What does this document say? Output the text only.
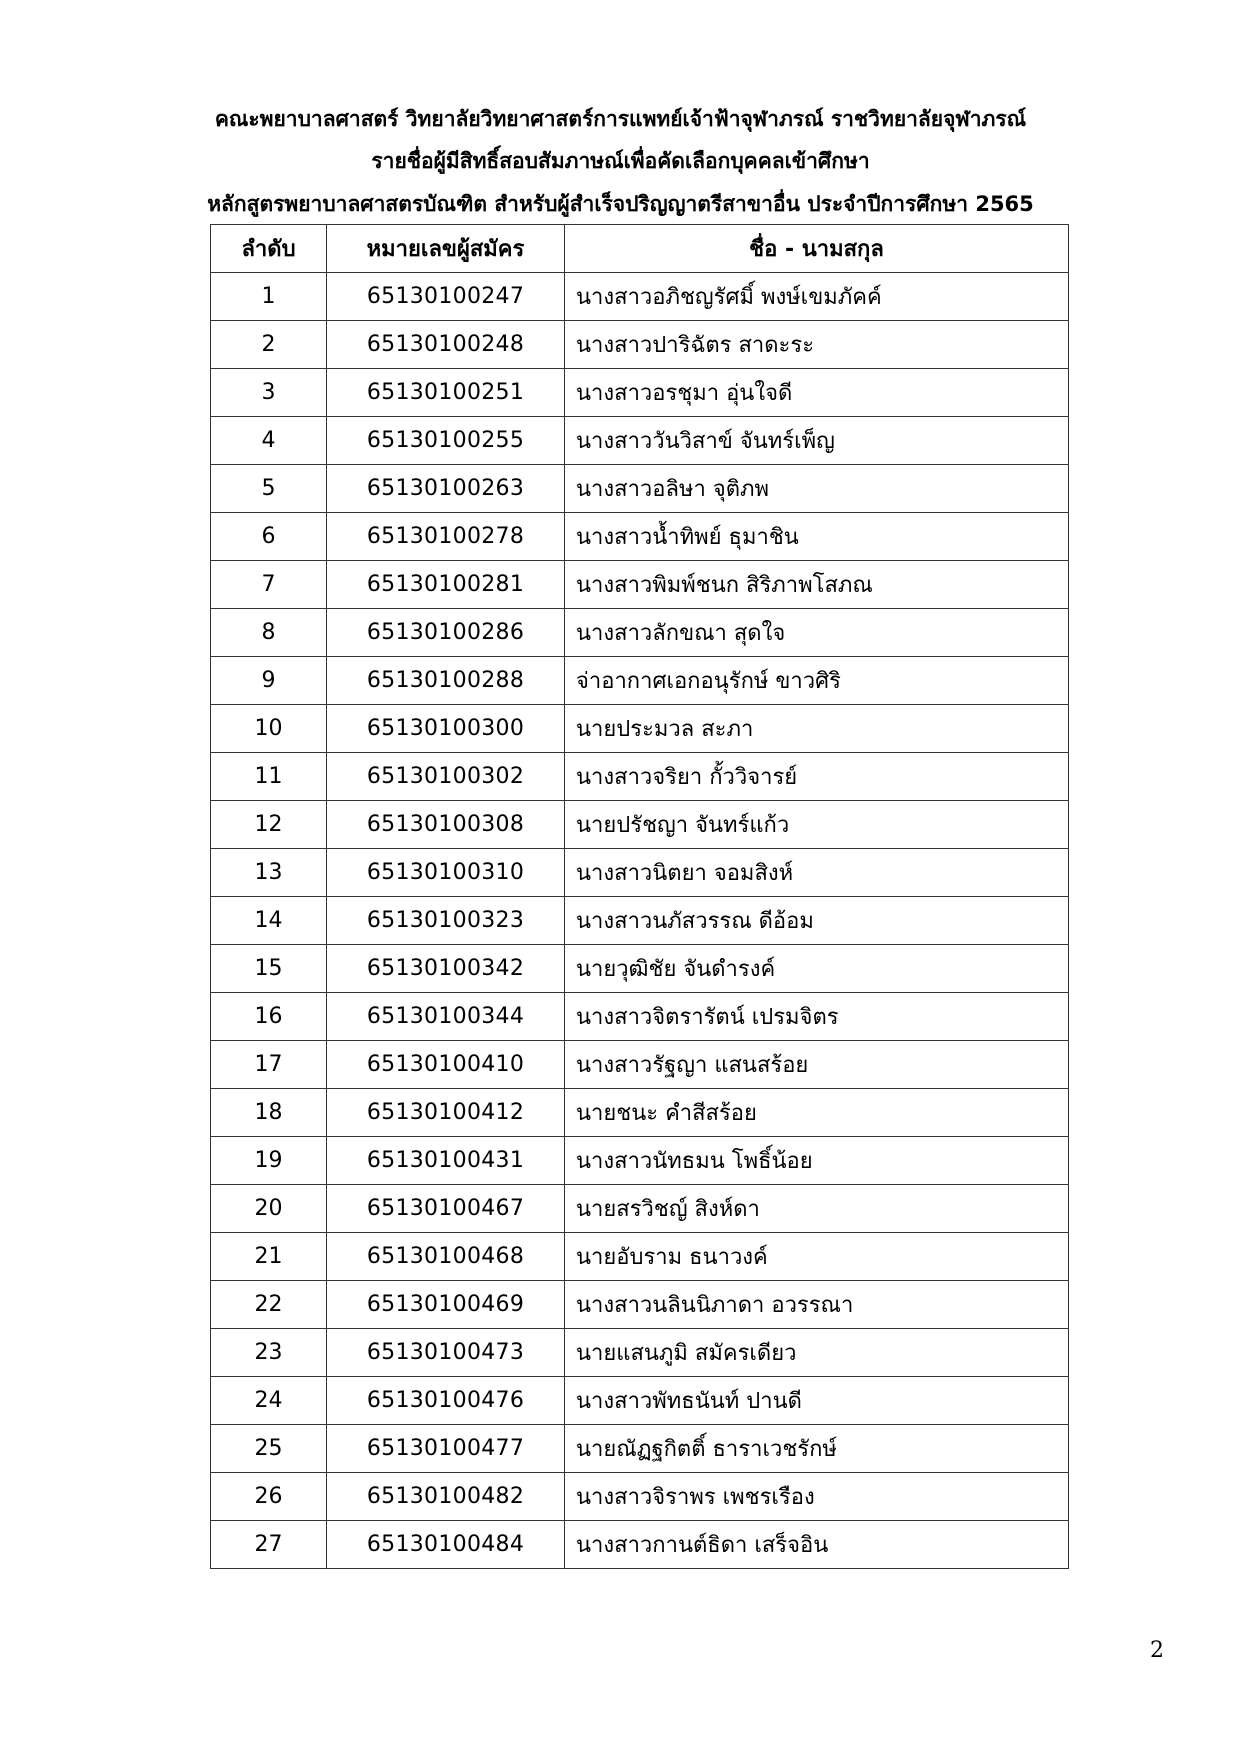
คณะพยาบาลศาสตร์ วิทยาลัยวิทยาศาสตร์การแพทย์เจ้าฟ้าจุฬาภรณ์ ราชวิทยาลัยจุฬาภรณ์
รายชื่อผู้มีสิทธิ์สอบสัมภาษณ์เพื่อคัดเลือกบุคคลเข้าศึกษา
หลักสูตรพยาบาลศาสตรบัณฑิต สำหรับผู้สำเร็จปริญญาตรีสาขาอื่น ประจำปีการศึกษา 2565
ลำดับ	หมายเลขผู้สมัคร	ชื่อ - นามสกุล
1	65130100247	นางสาวอภิชญรัศมิ์ พงษ์เขมภัคค์
2	65130100248	นางสาวปาริฉัตร สาดะระ
3	65130100251	นางสาวอรชุมา อุ่นใจดี
4	65130100255	นางสาววันวิสาข์ จันทร์เพ็ญ
5	65130100263	นางสาวอลิษา จุติภพ
6	65130100278	นางสาวน้ำทิพย์ ธุมาชิน
7	65130100281	นางสาวพิมพ์ชนก สิริภาพโสภณ
8	65130100286	นางสาวลักขณา สุดใจ
9	65130100288	จ่าอากาศเอกอนุรักษ์ ขาวศิริ
10	65130100300	นายประมวล สะภา
11	65130100302	นางสาวจริยา กั้ววิจารย์
12	65130100308	นายปรัชญา จันทร์แก้ว
13	65130100310	นางสาวนิตยา จอมสิงห์
14	65130100323	นางสาวนภัสวรรณ ดีอ้อม
15	65130100342	นายวุฒิชัย จันดำรงค์
16	65130100344	นางสาวจิตรารัตน์ เปรมจิตร
17	65130100410	นางสาวรัฐญา แสนสร้อย
18	65130100412	นายชนะ คำสีสร้อย
19	65130100431	นางสาวนัทธมน โพธิ์น้อย
20	65130100467	นายสรวิชญ์ สิงห์ดา
21	65130100468	นายอับราม ธนาวงค์
22	65130100469	นางสาวนลินนิภาดา อวรรณา
23	65130100473	นายแสนภูมิ สมัครเดียว
24	65130100476	นางสาวพัทธนันท์ ปานดี
25	65130100477	นายณัฏฐกิตติ์ ธาราเวชรักษ์
26	65130100482	นางสาวจิราพร เพชรเรือง
27	65130100484	นางสาวกานต์ธิดา เสร็จอิน
2
